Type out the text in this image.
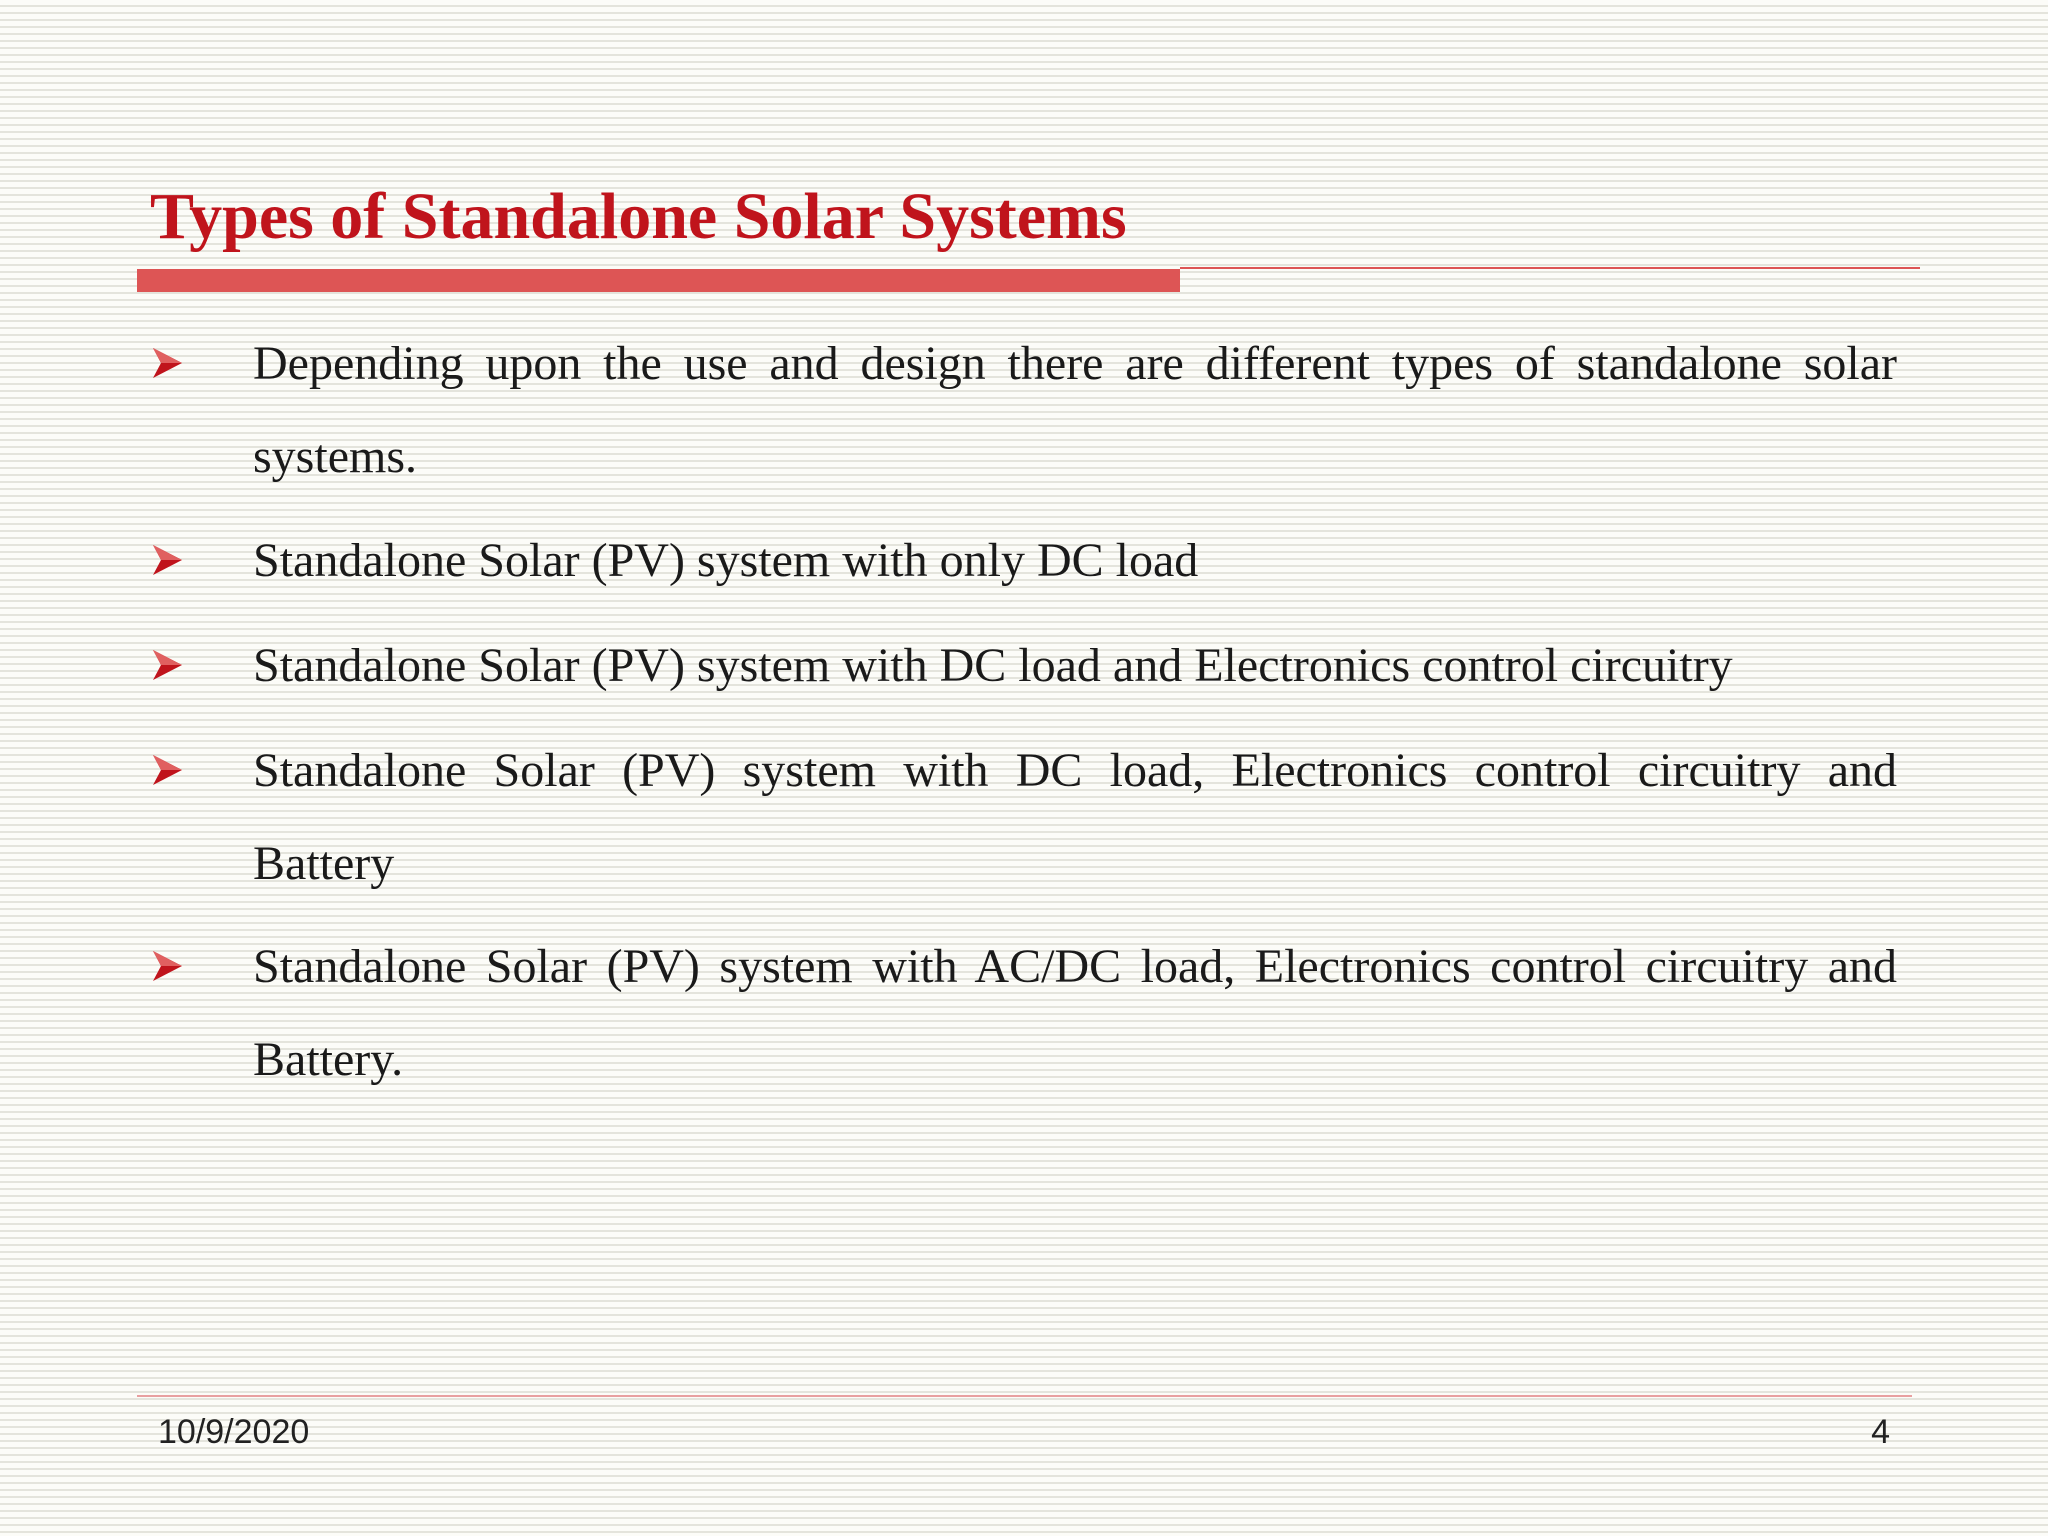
Types of Standalone Solar Systems
Depending upon the use and design there are different types of standalone solar systems.
Standalone Solar (PV) system with only DC load
Standalone Solar (PV) system with DC load and Electronics control circuitry
Standalone Solar (PV) system with DC load, Electronics control circuitry and Battery
Standalone Solar (PV) system with AC/DC load, Electronics control circuitry and Battery.
10/9/2020	4
